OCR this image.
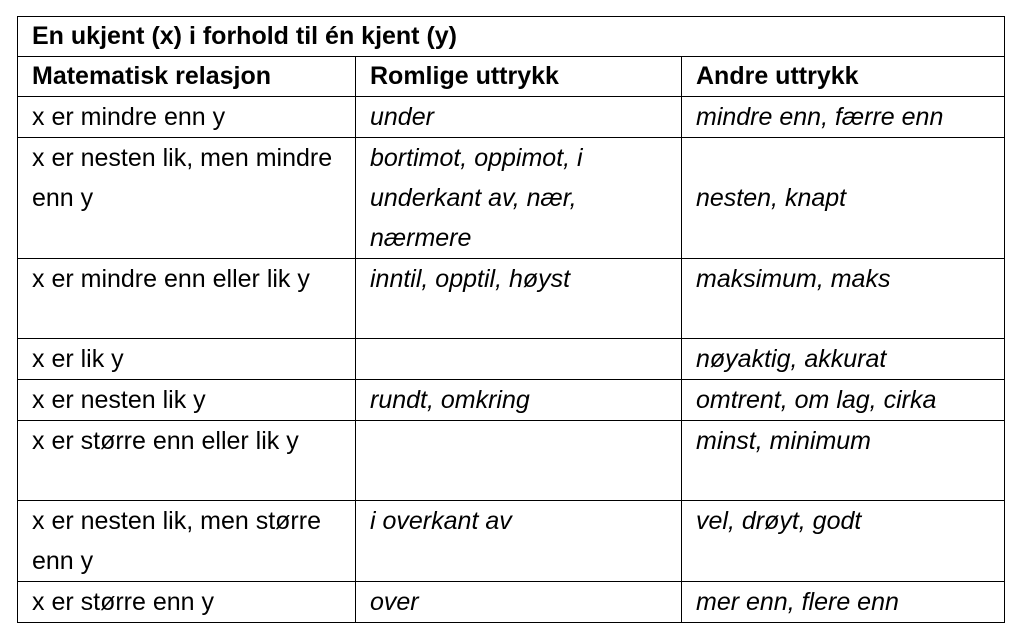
En ukjent (x) i forhold til én kjent (y)		
Matematisk relasjon	Romlige uttrykk	Andre uttrykk
x er mindre enn y	under	mindre enn, færre enn
x er nesten lik, men mindre enn y	bortimot, oppimot, i underkant av, nær, nærmere	nesten, knapt
x er mindre enn eller lik y	inntil, opptil, høyst	maksimum, maks
x er lik y		nøyaktig, akkurat
x er nesten lik y	rundt, omkring	omtrent, om lag, cirka
x er større enn eller lik y		minst, minimum
x er nesten lik, men større enn y	i overkant av	vel, drøyt, godt
x er større enn y	over	mer enn, flere enn
